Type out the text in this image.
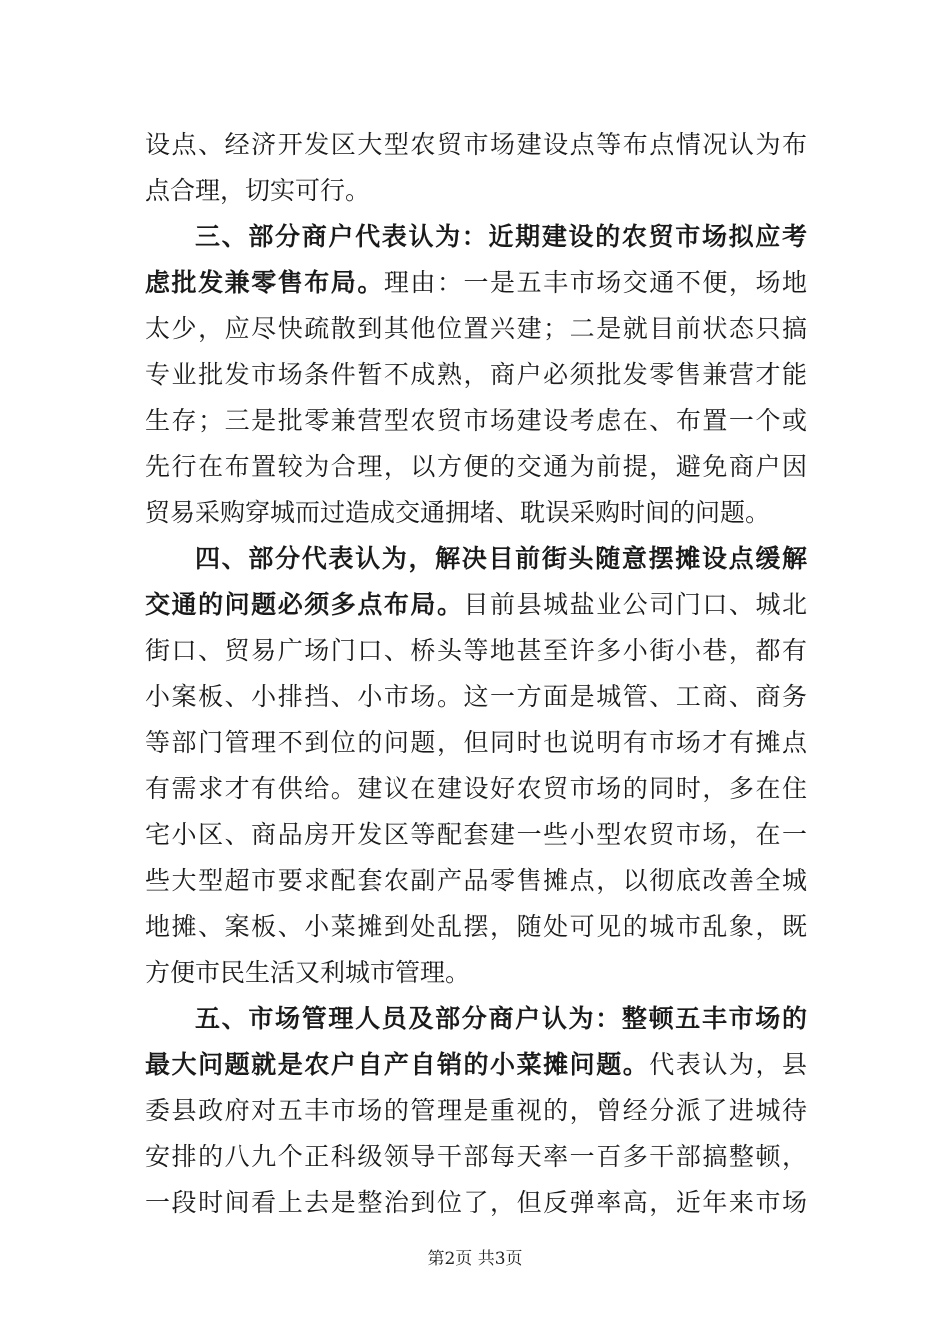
设点、经济开发区大型农贸市场建设点等布点情况认为布
点合理，切实可行。
三、部分商户代表认为：近期建设的农贸市场拟应考
虑批发兼零售布局。理由：一是五丰市场交通不便，场地
太少，应尽快疏散到其他位置兴建；二是就目前状态只搞
专业批发市场条件暂不成熟，商户必须批发零售兼营才能
生存；三是批零兼营型农贸市场建设考虑在、布置一个或
先行在布置较为合理，以方便的交通为前提，避免商户因
贸易采购穿城而过造成交通拥堵、耽误采购时间的问题。
四、部分代表认为，解决目前街头随意摆摊设点缓解
交通的问题必须多点布局。目前县城盐业公司门口、城北
街口、贸易广场门口、桥头等地甚至许多小街小巷，都有
小案板、小排挡、小市场。这一方面是城管、工商、商务
等部门管理不到位的问题，但同时也说明有市场才有摊点
有需求才有供给。建议在建设好农贸市场的同时，多在住
宅小区、商品房开发区等配套建一些小型农贸市场，在一
些大型超市要求配套农副产品零售摊点，以彻底改善全城
地摊、案板、小菜摊到处乱摆，随处可见的城市乱象，既
方便市民生活又利城市管理。
五、市场管理人员及部分商户认为：整顿五丰市场的
最大问题就是农户自产自销的小菜摊问题。代表认为，县
委县政府对五丰市场的管理是重视的，曾经分派了进城待
安排的八九个正科级领导干部每天率一百多干部搞整顿，
一段时间看上去是整治到位了，但反弹率高，近年来市场
第2页 共3页
